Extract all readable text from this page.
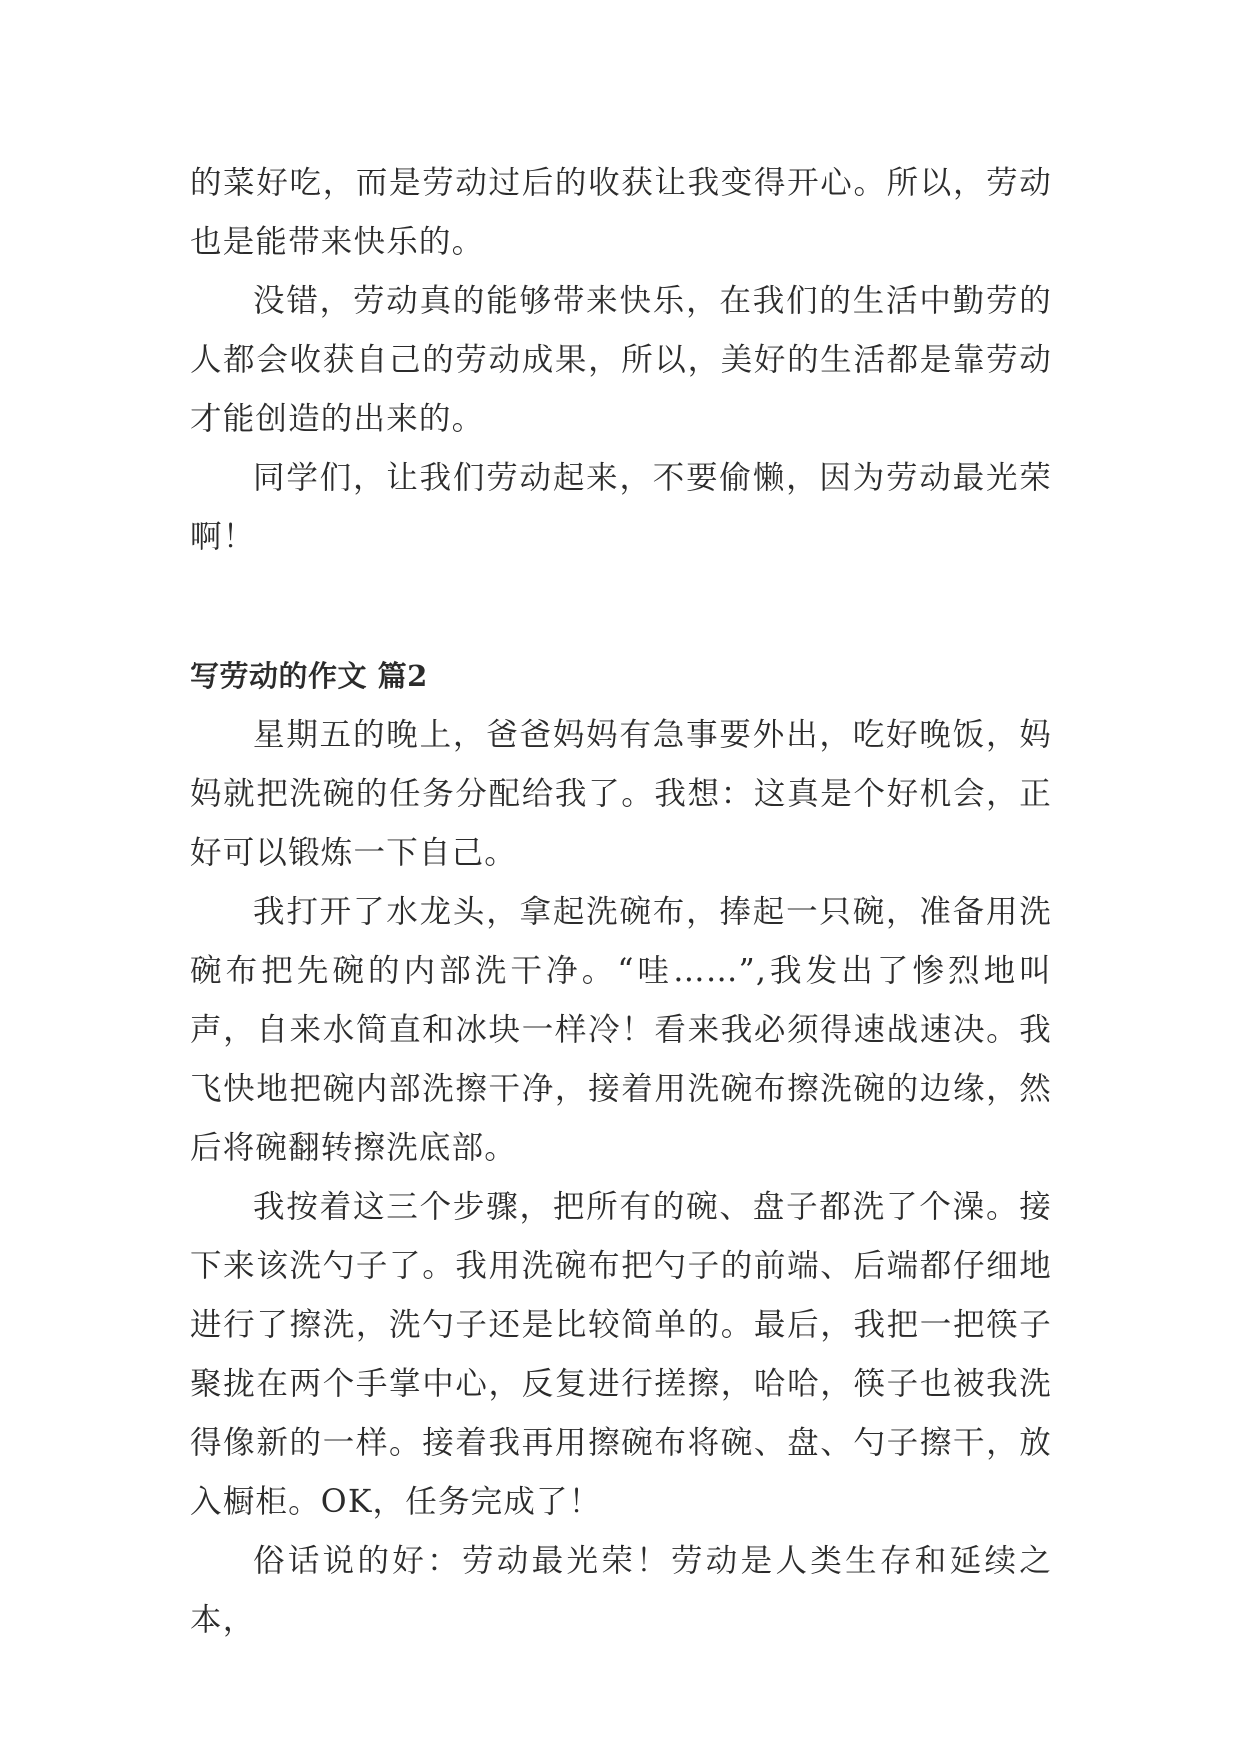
的菜好吃，而是劳动过后的收获让我变得开心。所以，劳动也是能带来快乐的。

没错，劳动真的能够带来快乐，在我们的生活中勤劳的人都会收获自己的劳动成果，所以，美好的生活都是靠劳动才能创造的出来的。

同学们，让我们劳动起来，不要偷懒，因为劳动最光荣啊！

写劳动的作文 篇2

星期五的晚上，爸爸妈妈有急事要外出，吃好晚饭，妈妈就把洗碗的任务分配给我了。我想：这真是个好机会，正好可以锻炼一下自己。

我打开了水龙头，拿起洗碗布，捧起一只碗，准备用洗碗布把先碗的内部洗干净。“哇……”,我发出了惨烈地叫声，自来水简直和冰块一样冷！看来我必须得速战速决。我飞快地把碗内部洗擦干净，接着用洗碗布擦洗碗的边缘，然后将碗翻转擦洗底部。

我按着这三个步骤，把所有的碗、盘子都洗了个澡。接下来该洗勺子了。我用洗碗布把勺子的前端、后端都仔细地进行了擦洗，洗勺子还是比较简单的。最后，我把一把筷子聚拢在两个手掌中心，反复进行搓擦，哈哈，筷子也被我洗得像新的一样。接着我再用擦碗布将碗、盘、勺子擦干，放入橱柜。OK，任务完成了！

俗话说的好：劳动最光荣！劳动是人类生存和延续之本，
